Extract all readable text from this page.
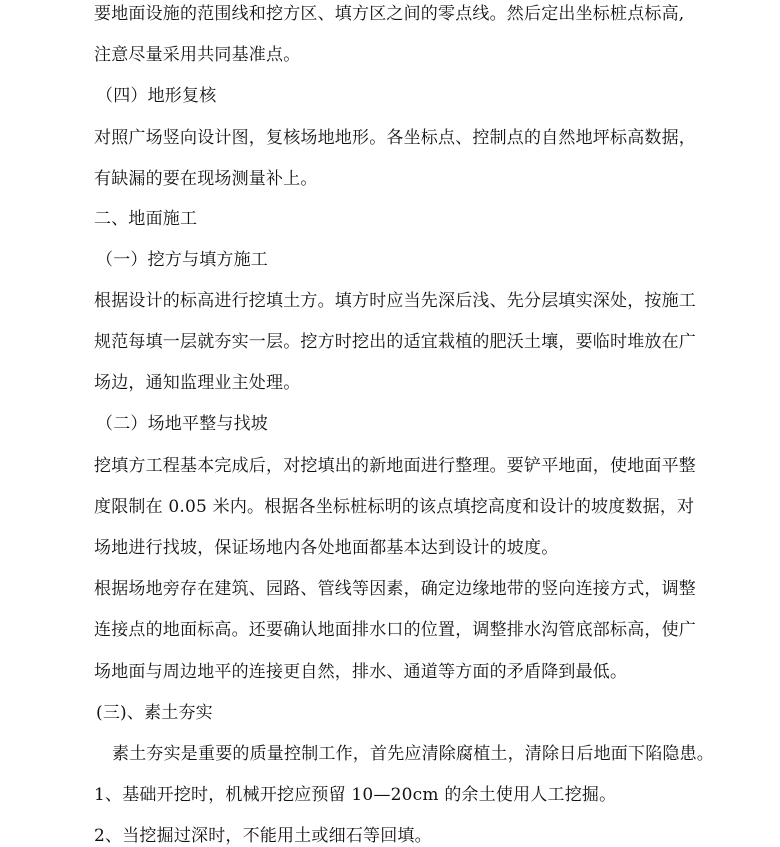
要地面设施的范围线和挖方区、填方区之间的零点线。然后定出坐标桩点标高,
注意尽量采用共同基准点。
（四）地形复核
对照广场竖向设计图，复核场地地形。各坐标点、控制点的自然地坪标高数据，
有缺漏的要在现场测量补上。
二、地面施工
（一）挖方与填方施工
根据设计的标高进行挖填土方。填方时应当先深后浅、先分层填实深处，按施工
规范每填一层就夯实一层。挖方时挖出的适宜栽植的肥沃土壤，要临时堆放在广
场边，通知监理业主处理。
（二）场地平整与找坡
挖填方工程基本完成后，对挖填出的新地面进行整理。要铲平地面，使地面平整
度限制在 0.05 米内。根据各坐标桩标明的该点填挖高度和设计的坡度数据，对
场地进行找坡，保证场地内各处地面都基本达到设计的坡度。
根据场地旁存在建筑、园路、管线等因素，确定边缘地带的竖向连接方式，调整
连接点的地面标高。还要确认地面排水口的位置，调整排水沟管底部标高，使广
场地面与周边地平的连接更自然，排水、通道等方面的矛盾降到最低。
(三)、素土夯实
素土夯实是重要的质量控制工作，首先应清除腐植土，清除日后地面下陷隐患。
1、基础开挖时，机械开挖应预留 10—20cm 的余土使用人工挖掘。
2、当挖掘过深时，不能用土或细石等回填。
